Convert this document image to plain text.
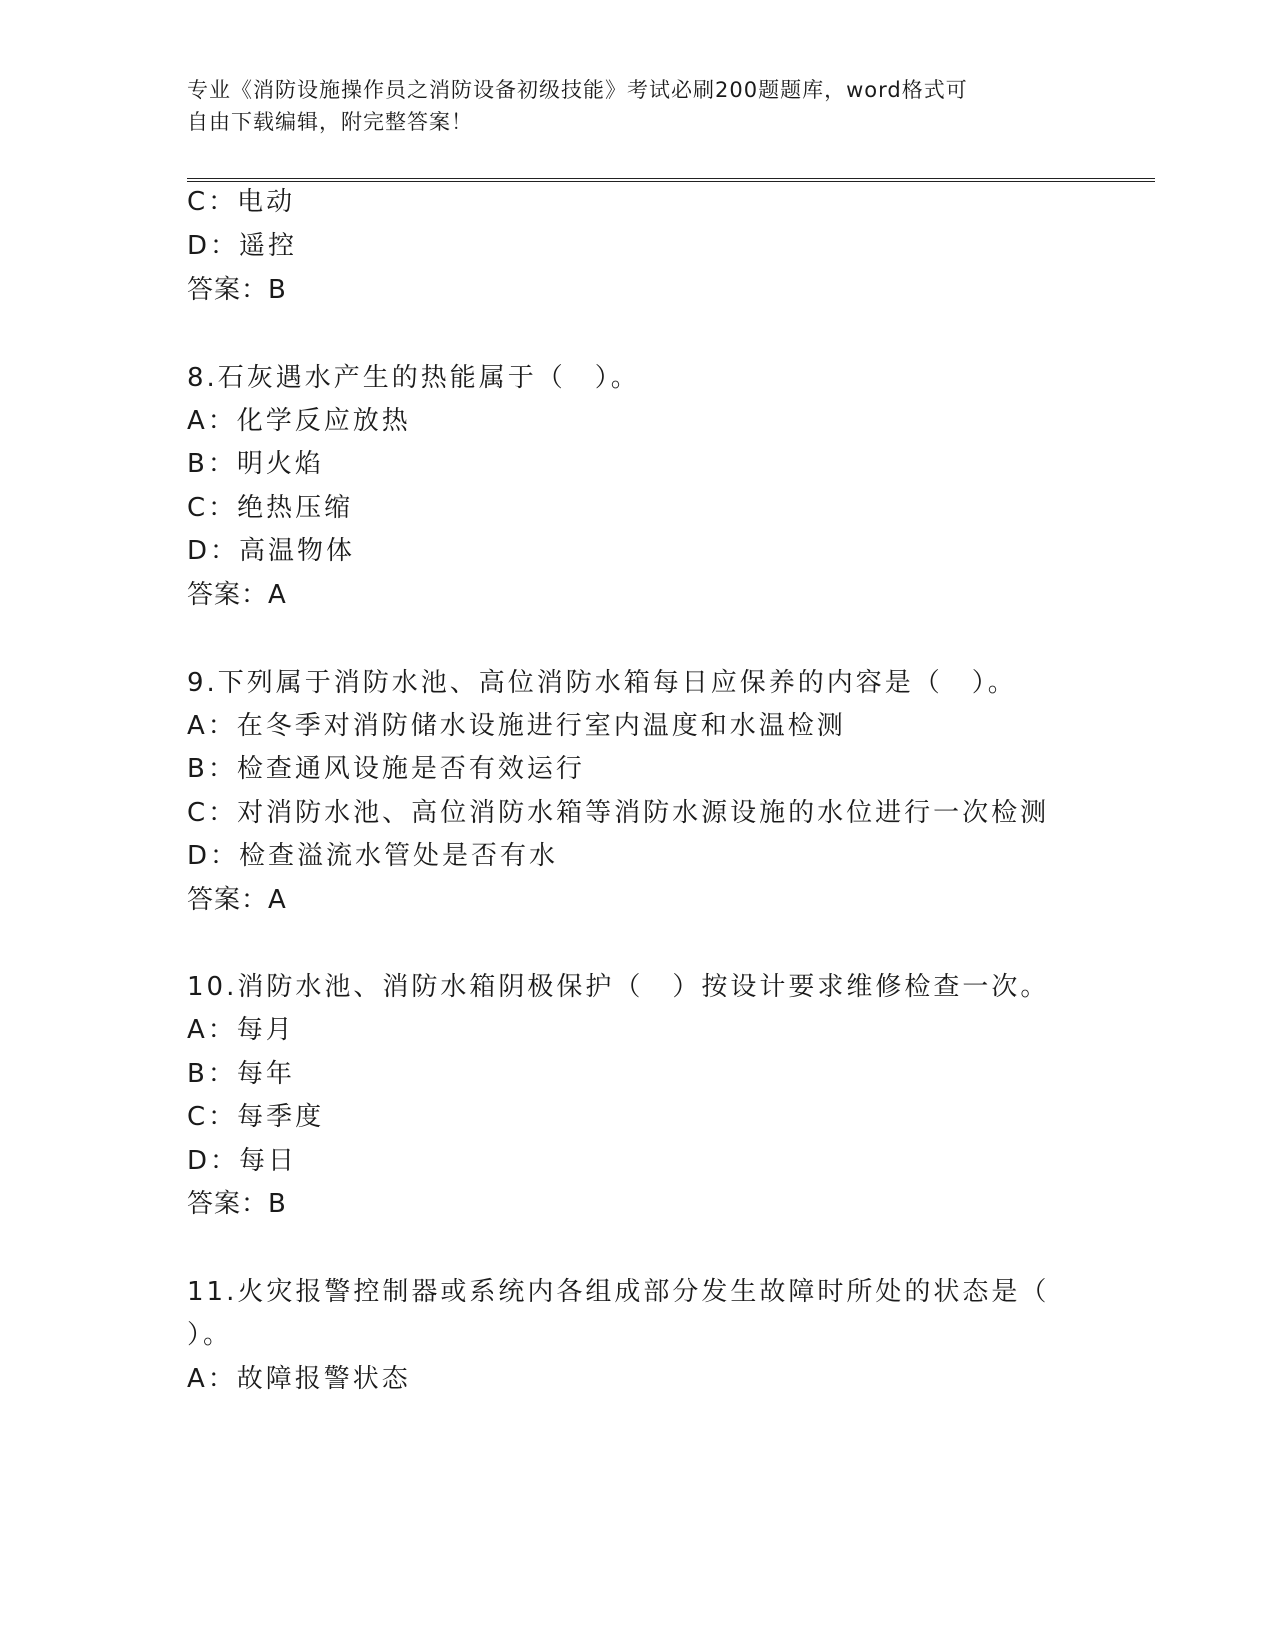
专业《消防设施操作员之消防设备初级技能》考试必刷200题题库，word格式可
自由下载编辑，附完整答案！
C：电动
D：遥控
答案：B
8.石灰遇水产生的热能属于（　）。
A：化学反应放热
B：明火焰
C：绝热压缩
D：高温物体
答案：A
9.下列属于消防水池、高位消防水箱每日应保养的内容是（　）。
A：在冬季对消防储水设施进行室内温度和水温检测
B：检查通风设施是否有效运行
C：对消防水池、高位消防水箱等消防水源设施的水位进行一次检测
D：检查溢流水管处是否有水
答案：A
10.消防水池、消防水箱阴极保护（　）按设计要求维修检查一次。
A：每月
B：每年
C：每季度
D：每日
答案：B
11.火灾报警控制器或系统内各组成部分发生故障时所处的状态是（
）。
A：故障报警状态
